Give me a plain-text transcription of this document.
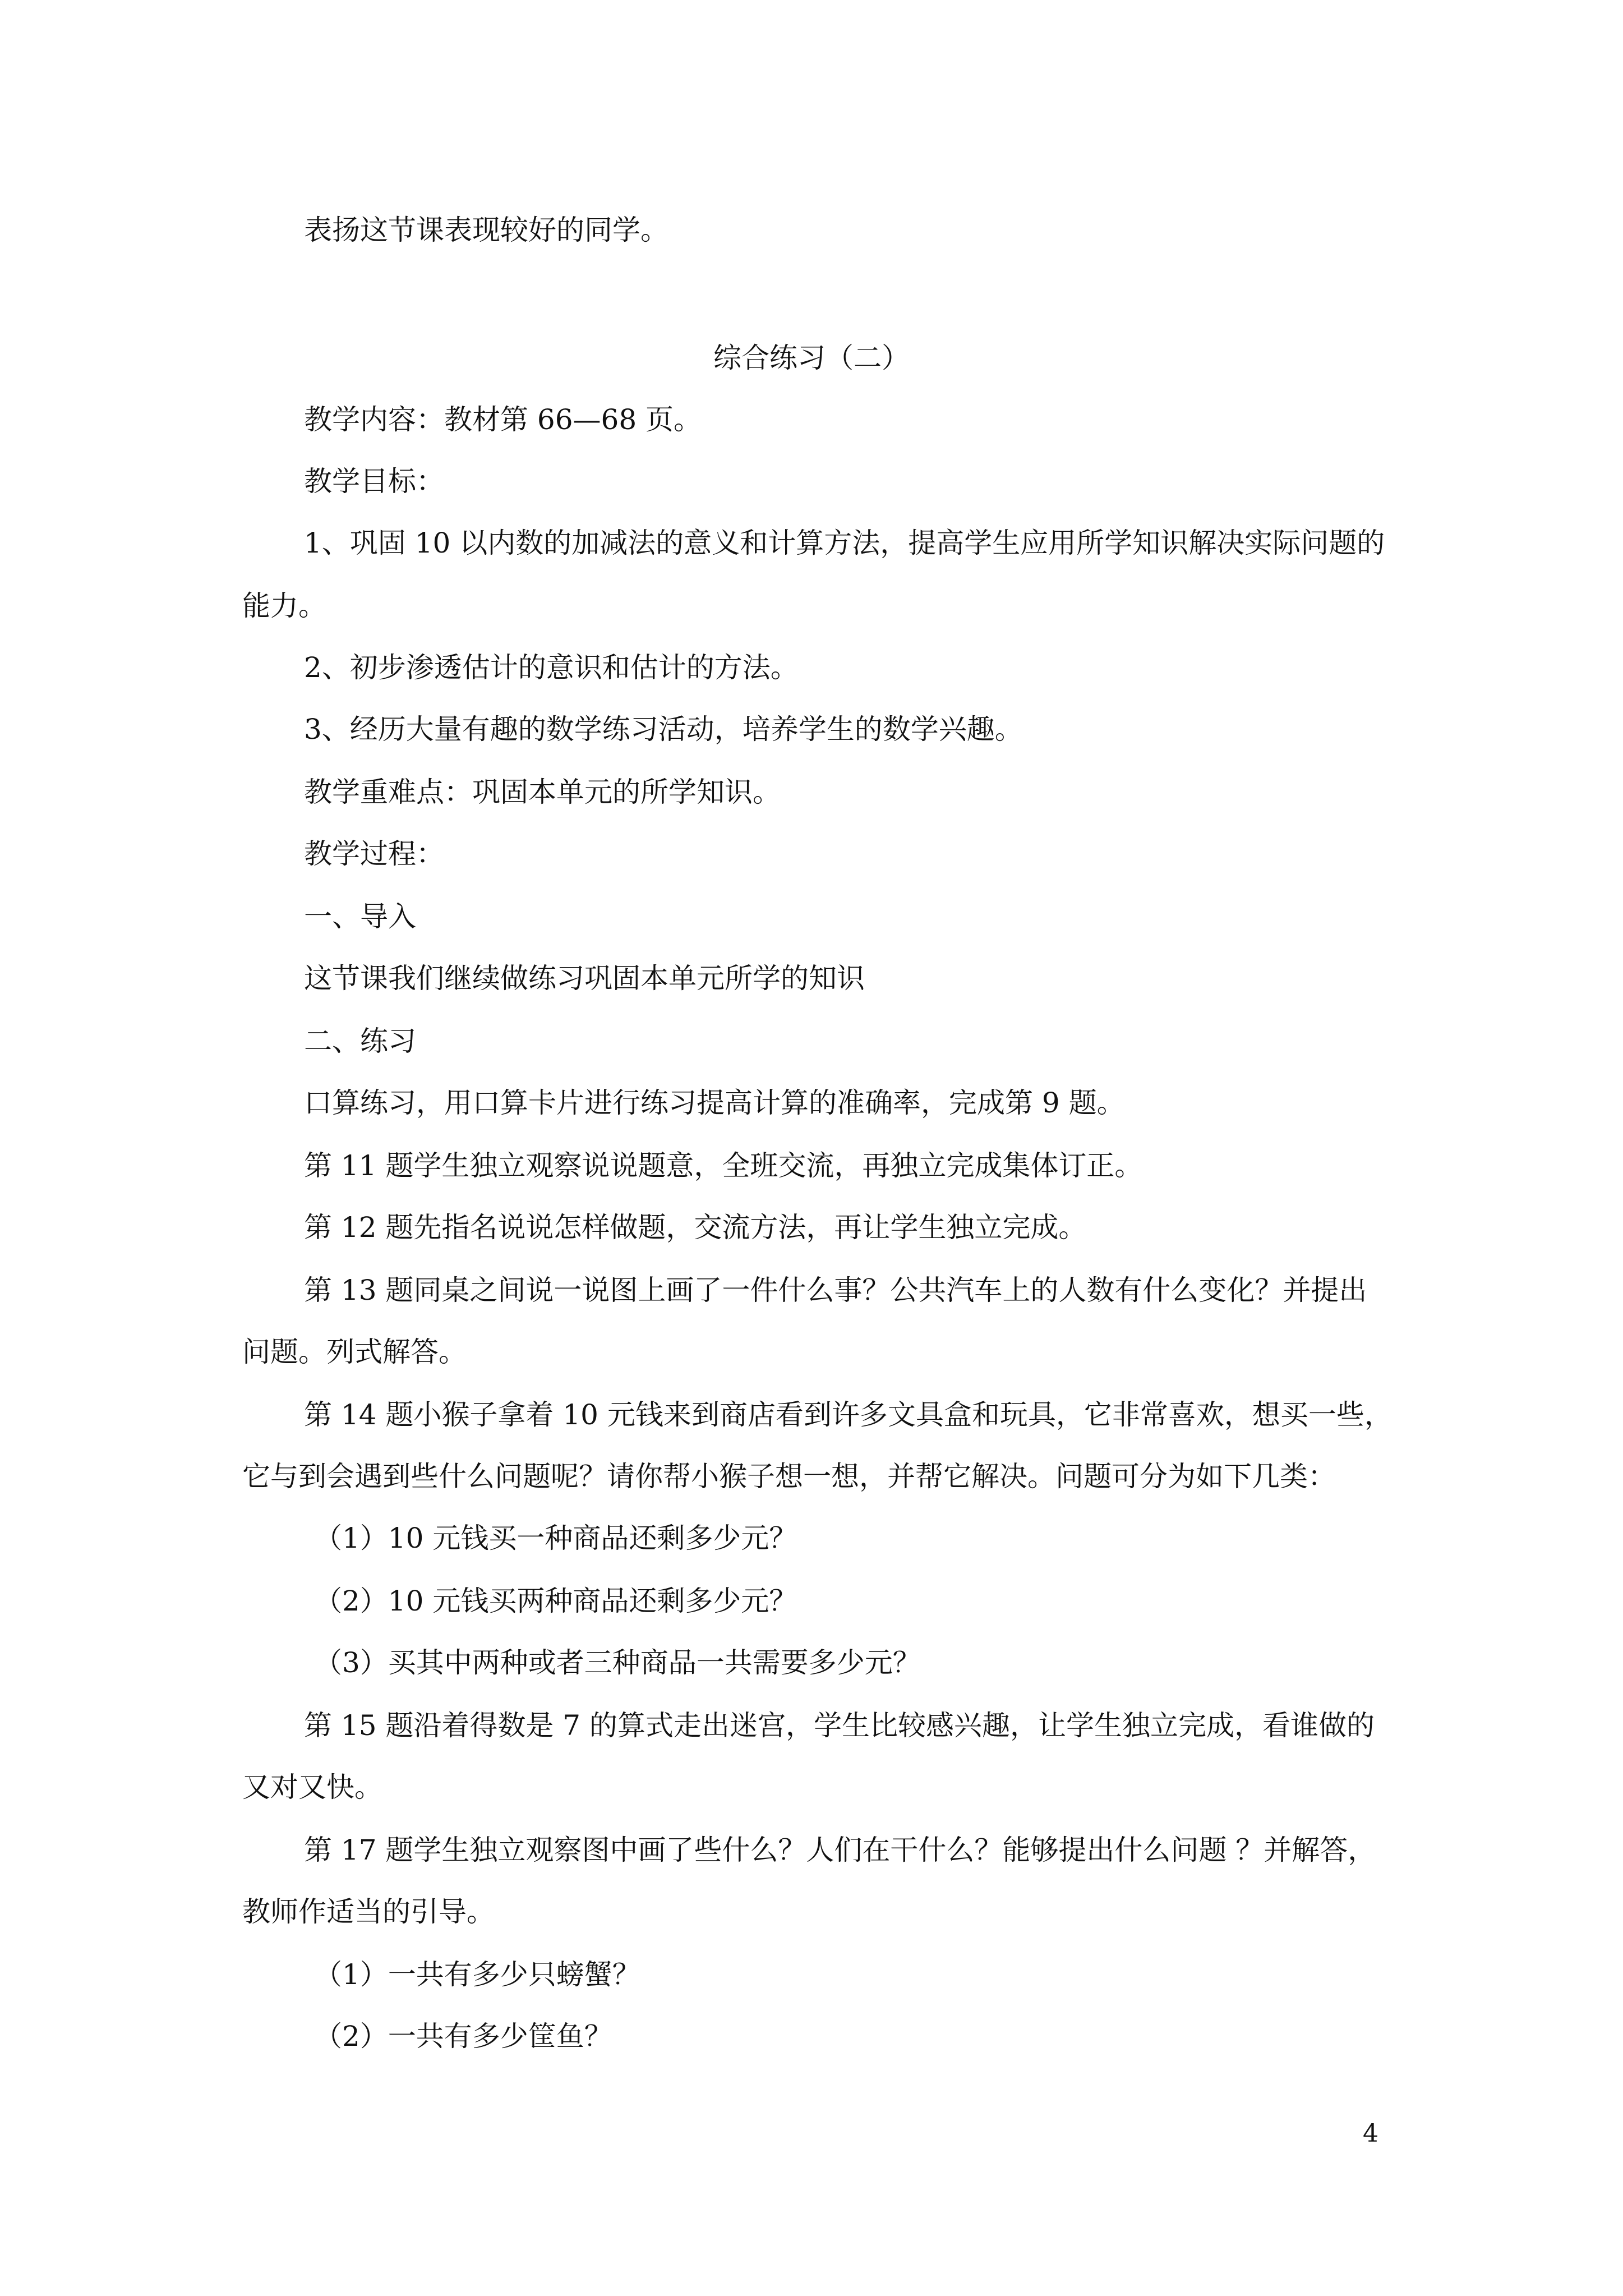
表扬这节课表现较好的同学。
综合练习（二）
教学内容：教材第 66—68 页。
教学目标：
1、巩固 10 以内数的加减法的意义和计算方法，提高学生应用所学知识解决实际问题的
能力。
2、初步渗透估计的意识和估计的方法。
3、经历大量有趣的数学练习活动，培养学生的数学兴趣。
教学重难点：巩固本单元的所学知识。
教学过程：
一、导入
这节课我们继续做练习巩固本单元所学的知识
二、练习
口算练习，用口算卡片进行练习提高计算的准确率，完成第 9 题。
第 11 题学生独立观察说说题意，全班交流，再独立完成集体订正。
第 12 题先指名说说怎样做题，交流方法，再让学生独立完成。
第 13 题同桌之间说一说图上画了一件什么事？公共汽车上的人数有什么变化？并提出
问题。列式解答。
第 14 题小猴子拿着 10 元钱来到商店看到许多文具盒和玩具，它非常喜欢，想买一些，
它与到会遇到些什么问题呢？请你帮小猴子想一想，并帮它解决。问题可分为如下几类：
（1）10 元钱买一种商品还剩多少元？
（2）10 元钱买两种商品还剩多少元？
（3）买其中两种或者三种商品一共需要多少元？
第 15 题沿着得数是 7 的算式走出迷宫，学生比较感兴趣，让学生独立完成，看谁做的
又对又快。
第 17 题学生独立观察图中画了些什么？人们在干什么？能够提出什么问题 ？并解答，
教师作适当的引导。
（1）一共有多少只螃蟹？
（2）一共有多少筐鱼？
4
